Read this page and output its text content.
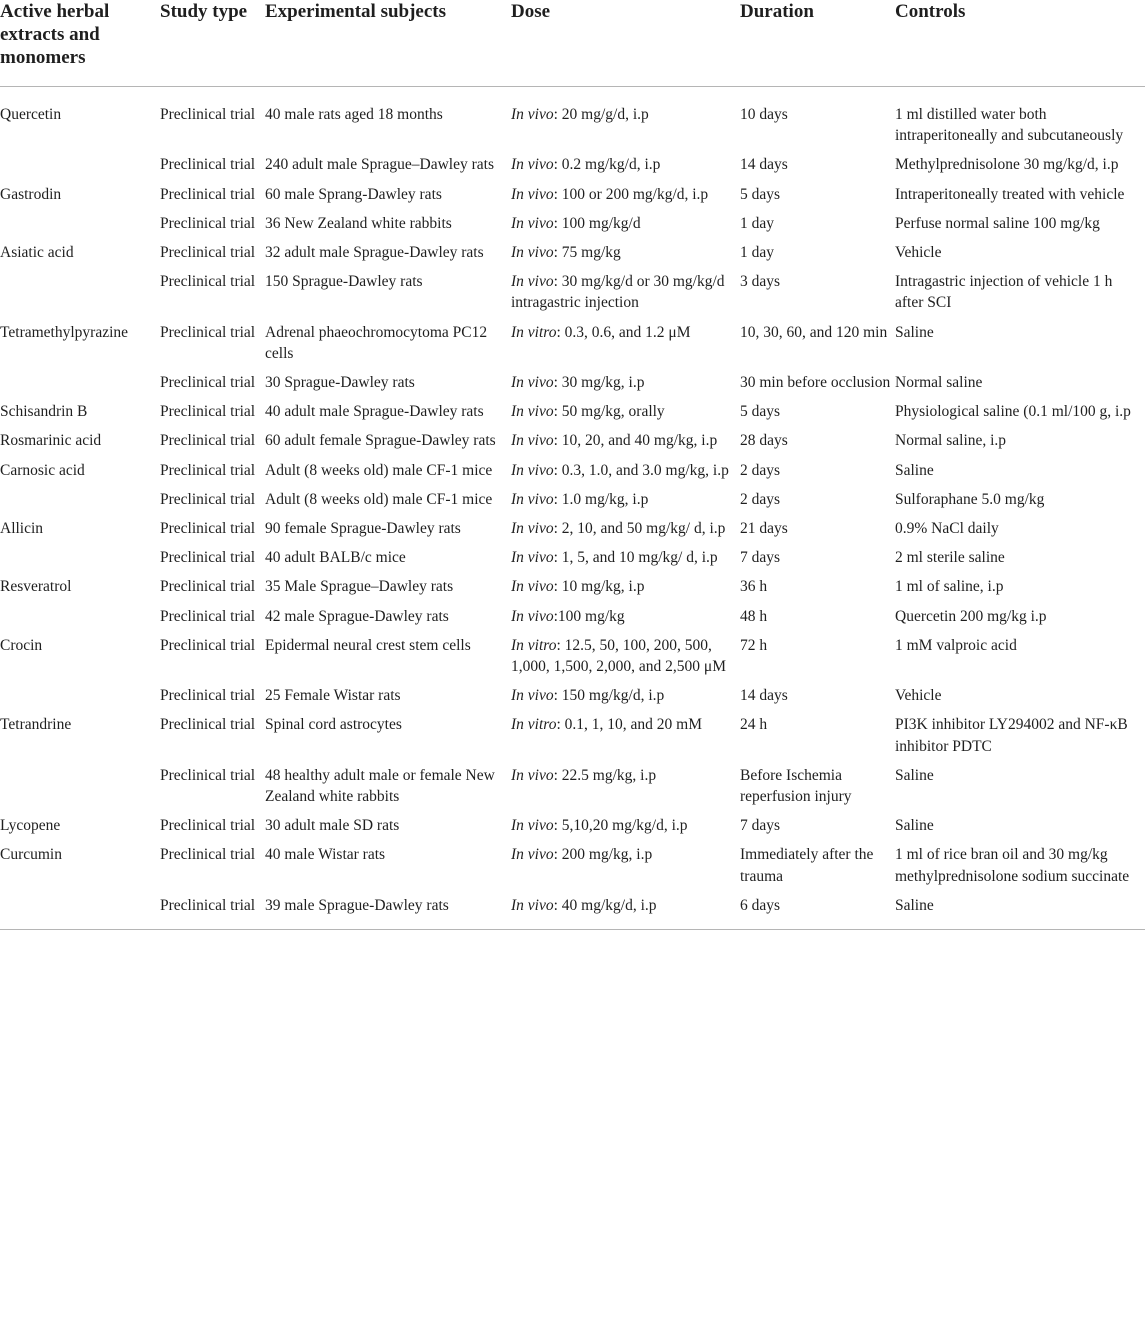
Active herbal extracts and monomers	Study type	Experimental subjects	Dose	Duration	Controls
Quercetin	Preclinical trial	40 male rats aged 18 months	In vivo: 20 mg/g/d, i.p	10 days	1 ml distilled water both intraperitoneally and subcutaneously
	Preclinical trial	240 adult male Sprague–Dawley rats	In vivo: 0.2 mg/kg/d, i.p	14 days	Methylprednisolone 30 mg/kg/d, i.p
Gastrodin	Preclinical trial	60 male Sprang-Dawley rats	In vivo: 100 or 200 mg/kg/d, i.p	5 days	Intraperitoneally treated with vehicle
	Preclinical trial	36 New Zealand white rabbits	In vivo: 100 mg/kg/d	1 day	Perfuse normal saline 100 mg/kg
Asiatic acid	Preclinical trial	32 adult male Sprague-Dawley rats	In vivo: 75 mg/kg	1 day	Vehicle
	Preclinical trial	150 Sprague-Dawley rats	In vivo: 30 mg/kg/d or 30 mg/kg/d intragastric injection	3 days	Intragastric injection of vehicle 1 h after SCI
Tetramethylpyrazine	Preclinical trial	Adrenal phaeochromocytoma PC12 cells	In vitro: 0.3, 0.6, and 1.2 μM	10, 30, 60, and 120 min	Saline
	Preclinical trial	30 Sprague-Dawley rats	In vivo: 30 mg/kg, i.p	30 min before occlusion	Normal saline
Schisandrin B	Preclinical trial	40 adult male Sprague-Dawley rats	In vivo: 50 mg/kg, orally	5 days	Physiological saline (0.1 ml/100 g, i.p
Rosmarinic acid	Preclinical trial	60 adult female Sprague-Dawley rats	In vivo: 10, 20, and 40 mg/kg, i.p	28 days	Normal saline, i.p
Carnosic acid	Preclinical trial	Adult (8 weeks old) male CF-1 mice	In vivo: 0.3, 1.0, and 3.0 mg/kg, i.p	2 days	Saline
	Preclinical trial	Adult (8 weeks old) male CF-1 mice	In vivo: 1.0 mg/kg, i.p	2 days	Sulforaphane 5.0 mg/kg
Allicin	Preclinical trial	90 female Sprague-Dawley rats	In vivo: 2, 10, and 50 mg/kg/ d, i.p	21 days	0.9% NaCl daily
	Preclinical trial	40 adult BALB/c mice	In vivo: 1, 5, and 10 mg/kg/ d, i.p	7 days	2 ml sterile saline
Resveratrol	Preclinical trial	35 Male Sprague–Dawley rats	In vivo: 10 mg/kg, i.p	36 h	1 ml of saline, i.p
	Preclinical trial	42 male Sprague-Dawley rats	In vivo:100 mg/kg	48 h	Quercetin 200 mg/kg i.p
Crocin	Preclinical trial	Epidermal neural crest stem cells	In vitro: 12.5, 50, 100, 200, 500, 1,000, 1,500, 2,000, and 2,500 μM	72 h	1 mM valproic acid
	Preclinical trial	25 Female Wistar rats	In vivo: 150 mg/kg/d, i.p	14 days	Vehicle
Tetrandrine	Preclinical trial	Spinal cord astrocytes	In vitro: 0.1, 1, 10, and 20 mM	24 h	PI3K inhibitor LY294002 and NF-κB inhibitor PDTC
	Preclinical trial	48 healthy adult male or female New Zealand white rabbits	In vivo: 22.5 mg/kg, i.p	Before Ischemia reperfusion injury	Saline
Lycopene	Preclinical trial	30 adult male SD rats	In vivo: 5,10,20 mg/kg/d, i.p	7 days	Saline
Curcumin	Preclinical trial	40 male Wistar rats	In vivo: 200 mg/kg, i.p	Immediately after the trauma	1 ml of rice bran oil and 30 mg/kg methylprednisolone sodium succinate
	Preclinical trial	39 male Sprague-Dawley rats	In vivo: 40 mg/kg/d, i.p	6 days	Saline
